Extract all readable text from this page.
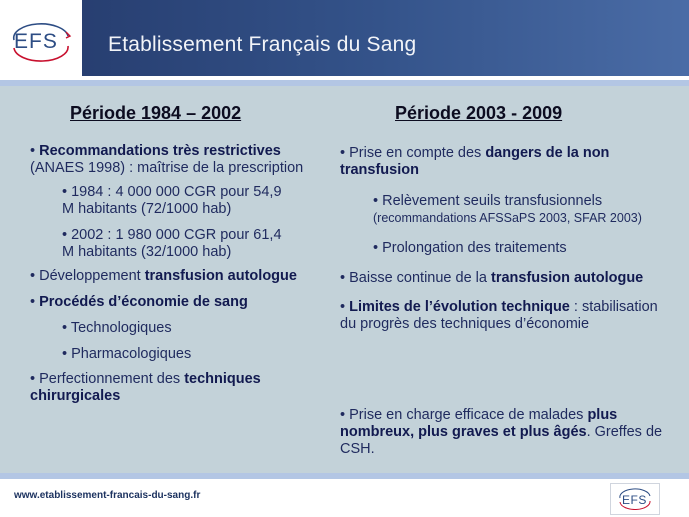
EFS Etablissement Français du Sang
Période 1984 – 2002
• Recommandations très restrictives
(ANAES 1998) : maîtrise de la prescription
• 1984 : 4 000 000 CGR pour 54,9
M habitants (72/1000 hab)
• 2002 : 1 980 000 CGR pour 61,4
M habitants (32/1000 hab)
• Développement transfusion autologue
• Procédés d’économie de sang
• Technologiques
• Pharmacologiques
• Perfectionnement des techniques
chirurgicales
Période 2003 - 2009
• Prise en compte des dangers de la non
transfusion
• Relèvement seuils transfusionnels
(recommandations AFSSaPS 2003, SFAR 2003)
• Prolongation des traitements
• Baisse continue de la transfusion autologue
• Limites de l’évolution technique : stabilisation
du progrès des techniques d’économie
• Prise en charge efficace de malades plus
nombreux, plus graves et plus âgés. Greffes de
CSH.
www.etablissement-francais-du-sang.fr	EFS
